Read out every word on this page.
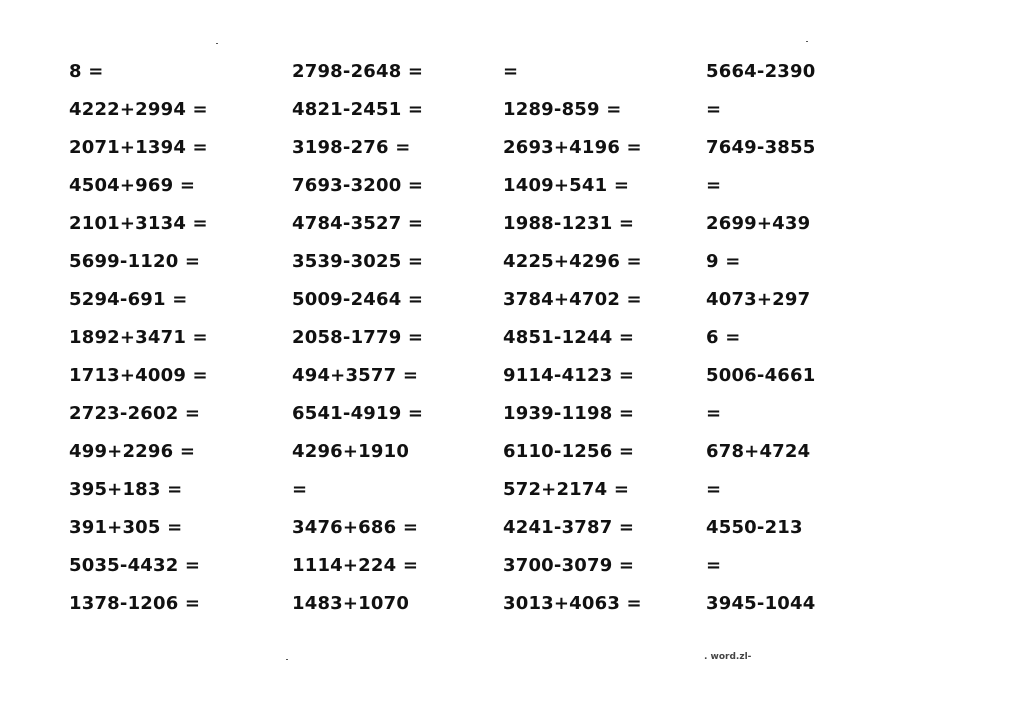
8 =	2798-2648 =	=	5664-2390
4222+2994 =	4821-2451 =	1289-859 =	=
2071+1394 =	3198-276 =	2693+4196 =	7649-3855
4504+969 =	7693-3200 =	1409+541 =	=
2101+3134 =	4784-3527 =	1988-1231 =	2699+439
5699-1120 =	3539-3025 =	4225+4296 =	9 =
5294-691 =	5009-2464 =	3784+4702 =	4073+297
1892+3471 =	2058-1779 =	4851-1244 =	6 =
1713+4009 =	494+3577 =	9114-4123 =	5006-4661
2723-2602 =	6541-4919 =	1939-1198 =	=
499+2296 =	4296+1910	6110-1256 =	678+4724
395+183 =	=	572+2174 =	=
391+305 =	3476+686 =	4241-3787 =	4550-213
5035-4432 =	1114+224 =	3700-3079 =	=
1378-1206 =	1483+1070	3013+4063 =	3945-1044
. word.zl-
